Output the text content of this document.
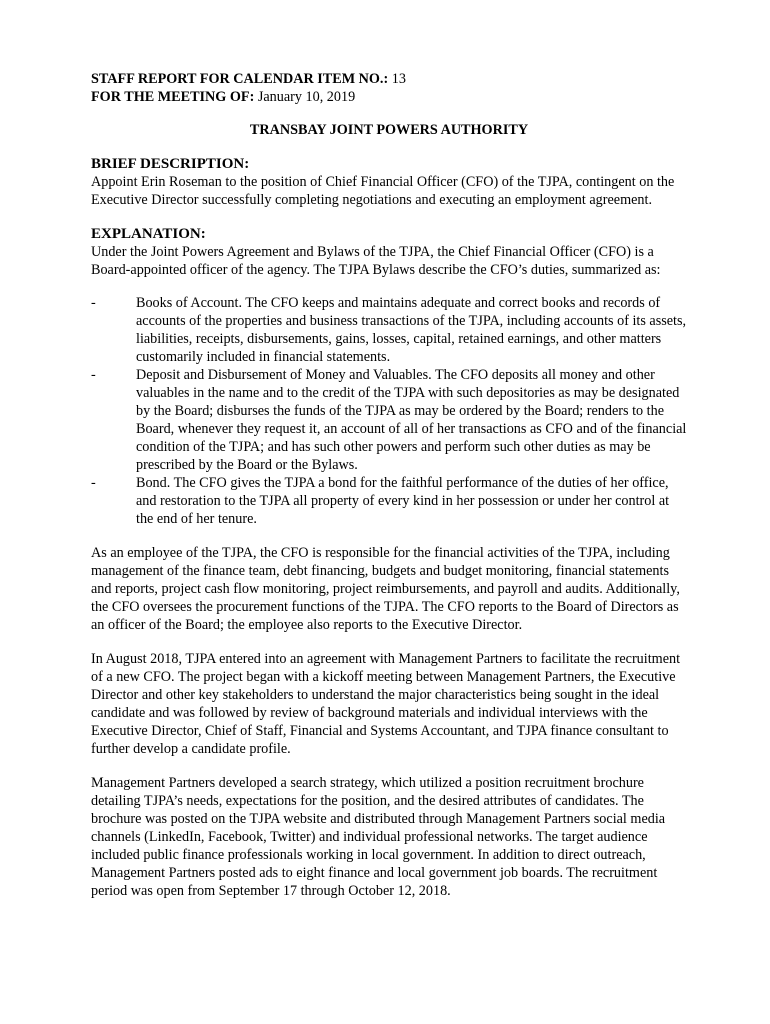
STAFF REPORT FOR CALENDAR ITEM NO.: 13

FOR THE MEETING OF: January 10, 2019

TRANSBAY JOINT POWERS AUTHORITY

BRIEF DESCRIPTION:

Appoint Erin Roseman to the position of Chief Financial Officer (CFO) of the TJPA, contingent on the Executive Director successfully completing negotiations and executing an employment agreement.

EXPLANATION:

Under the Joint Powers Agreement and Bylaws of the TJPA, the Chief Financial Officer (CFO) is a Board-appointed officer of the agency. The TJPA Bylaws describe the CFO’s duties, summarized as:

-	Books of Account. The CFO keeps and maintains adequate and correct books and records of accounts of the properties and business transactions of the TJPA, including accounts of its assets, liabilities, receipts, disbursements, gains, losses, capital, retained earnings, and other matters customarily included in financial statements.
-	Deposit and Disbursement of Money and Valuables. The CFO deposits all money and other valuables in the name and to the credit of the TJPA with such depositories as may be designated by the Board; disburses the funds of the TJPA as may be ordered by the Board; renders to the Board, whenever they request it, an account of all of her transactions as CFO and of the financial condition of the TJPA; and has such other powers and perform such other duties as may be prescribed by the Board or the Bylaws.
-	Bond. The CFO gives the TJPA a bond for the faithful performance of the duties of her office, and restoration to the TJPA all property of every kind in her possession or under her control at the end of her tenure.

As an employee of the TJPA, the CFO is responsible for the financial activities of the TJPA, including management of the finance team, debt financing, budgets and budget monitoring, financial statements and reports, project cash flow monitoring, project reimbursements, and payroll and audits. Additionally, the CFO oversees the procurement functions of the TJPA. The CFO reports to the Board of Directors as an officer of the Board; the employee also reports to the Executive Director.

In August 2018, TJPA entered into an agreement with Management Partners to facilitate the recruitment of a new CFO. The project began with a kickoff meeting between Management Partners, the Executive Director and other key stakeholders to understand the major characteristics being sought in the ideal candidate and was followed by review of background materials and individual interviews with the Executive Director, Chief of Staff, Financial and Systems Accountant, and TJPA finance consultant to further develop a candidate profile.

Management Partners developed a search strategy, which utilized a position recruitment brochure detailing TJPA’s needs, expectations for the position, and the desired attributes of candidates. The brochure was posted on the TJPA website and distributed through Management Partners social media channels (LinkedIn, Facebook, Twitter) and individual professional networks. The target audience included public finance professionals working in local government. In addition to direct outreach, Management Partners posted ads to eight finance and local government job boards. The recruitment period was open from September 17 through October 12, 2018.
